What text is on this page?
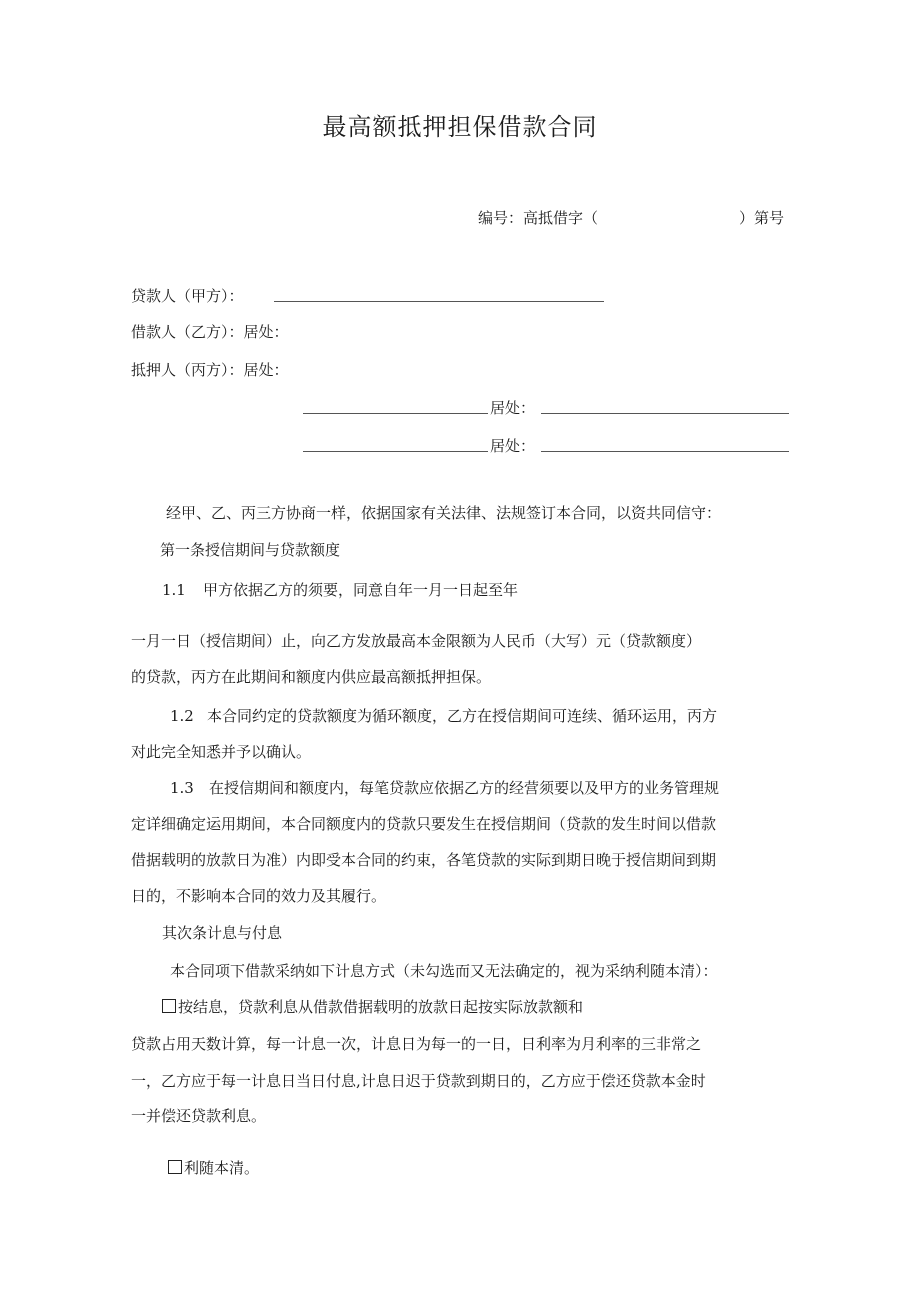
最高额抵押担保借款合同
编号：高抵借字（	）第号
贷款人（甲方）：
借款人（乙方）：居处：
抵押人（丙方）：居处：
居处：
居处：
经甲、乙、丙三方协商一样，依据国家有关法律、法规签订本合同，以资共同信守：
第一条授信期间与贷款额度
1.1 甲方依据乙方的须要，同意自年一月一日起至年
一月一日（授信期间）止，向乙方发放最高本金限额为人民币（大写）元（贷款额度）
的贷款，丙方在此期间和额度内供应最高额抵押担保。
1.2 本合同约定的贷款额度为循环额度，乙方在授信期间可连续、循环运用，丙方
对此完全知悉并予以确认。
1.3 在授信期间和额度内，每笔贷款应依据乙方的经营须要以及甲方的业务管理规
定详细确定运用期间，本合同额度内的贷款只要发生在授信期间（贷款的发生时间以借款
借据载明的放款日为准）内即受本合同的约束，各笔贷款的实际到期日晚于授信期间到期
日的，不影响本合同的效力及其履行。
其次条计息与付息
本合同项下借款采纳如下计息方式（未勾选而又无法确定的，视为采纳利随本清）：
按结息，贷款利息从借款借据载明的放款日起按实际放款额和
贷款占用天数计算，每一计息一次，计息日为每一的一日，日利率为月利率的三非常之
一，乙方应于每一计息日当日付息,计息日迟于贷款到期日的，乙方应于偿还贷款本金时
一并偿还贷款利息。
利随本清。
